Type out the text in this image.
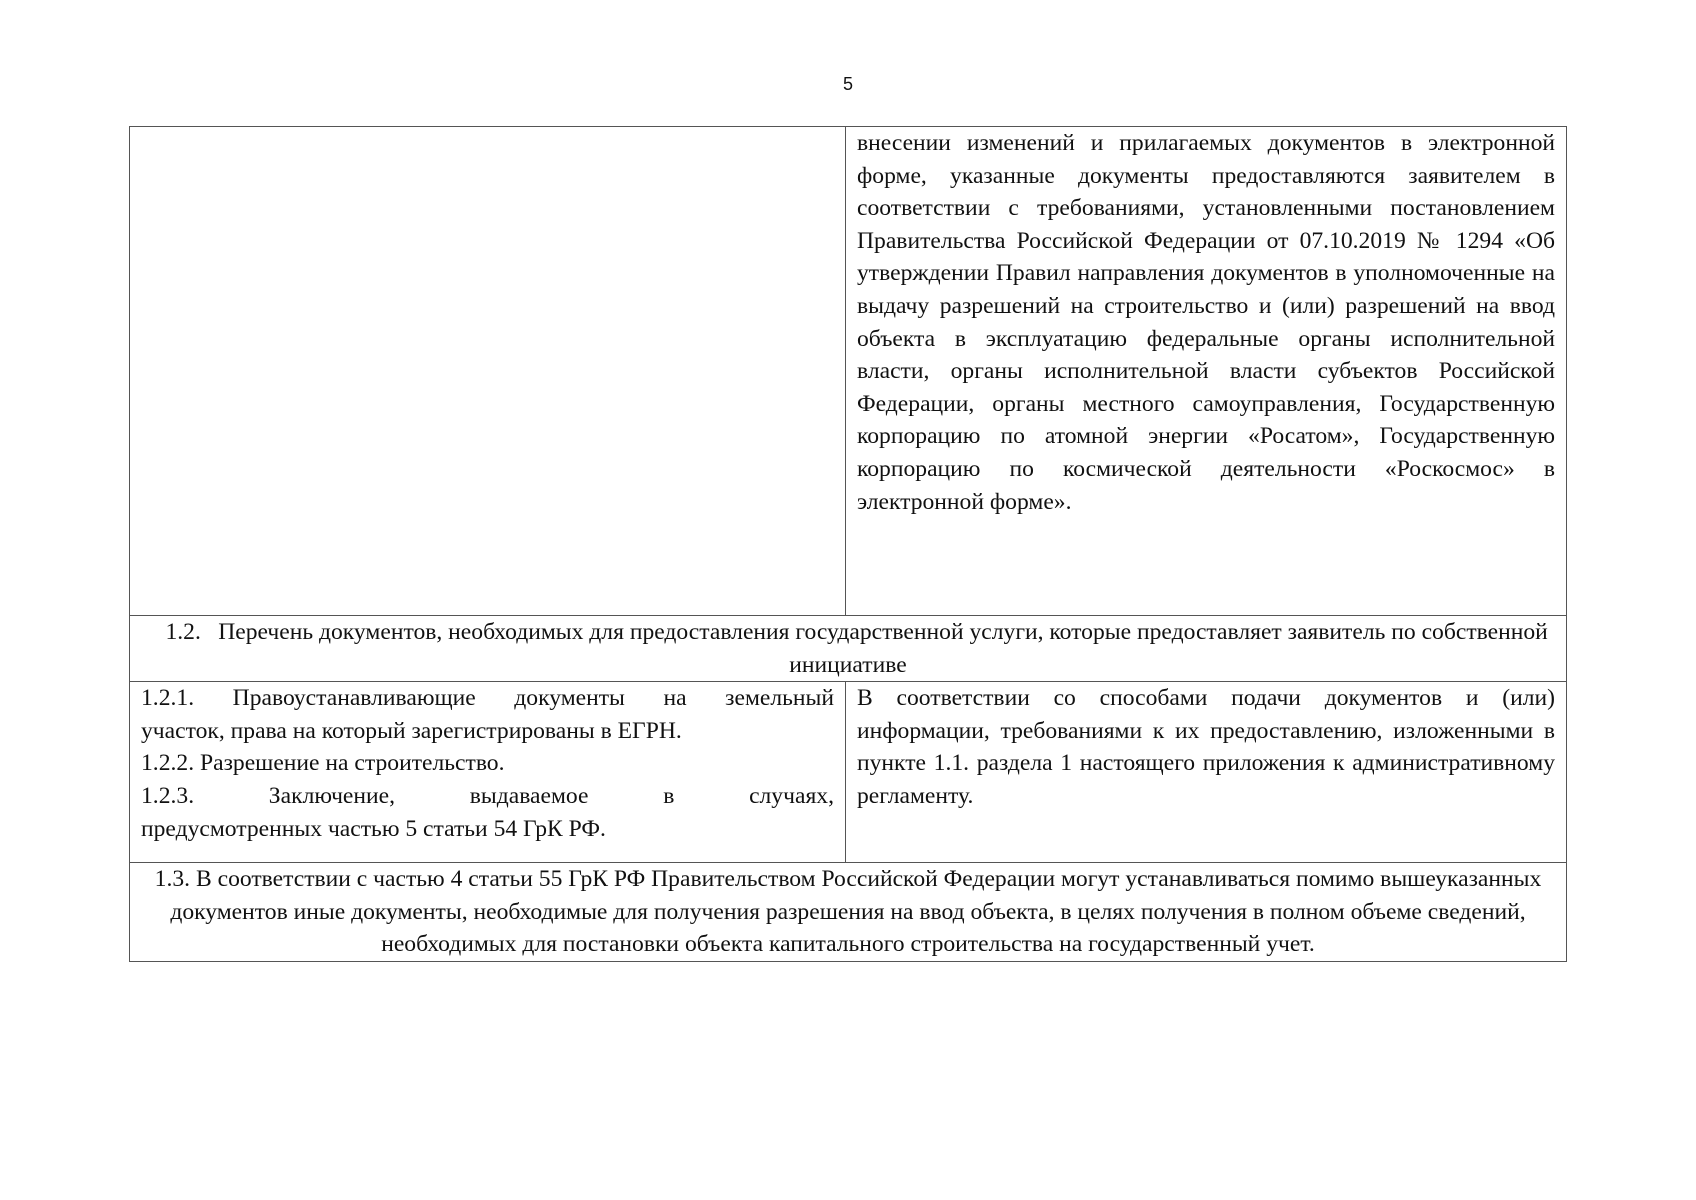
5
	внесении изменений и прилагаемых документов в электронной форме, указанные документы предоставляются заявителем в соответствии с требованиями, установленными постановлением Правительства Российской Федерации от 07.10.2019 № 1294 «Об утверждении Правил направления документов в уполномоченные на выдачу разрешений на строительство и (или) разрешений на ввод объекта в эксплуатацию федеральные органы исполнительной власти, органы исполнительной власти субъектов Российской Федерации, органы местного самоуправления, Государственную корпорацию по атомной энергии «Росатом», Государственную корпорацию по космической деятельности «Роскосмос» в электронной форме».
1.2. Перечень документов, необходимых для предоставления государственной услуги, которые предоставляет заявитель по собственной инициативе	

1.2.1. Правоустанавливающие документы на земельный
участок, права на который зарегистрированы в ЕГРН.
1.2.2. Разрешение на строительство.
1.2.3. Заключение, выдаваемое в случаях,
предусмотренных частью 5 статьи 54 ГрК РФ.	В соответствии со способами подачи документов и (или) информации, требованиями к их предоставлению, изложенными в пункте 1.1. раздела 1 настоящего приложения к административному регламенту.
1.3. В соответствии с частью 4 статьи 55 ГрК РФ Правительством Российской Федерации могут устанавливаться помимо вышеуказанных документов иные документы, необходимые для получения разрешения на ввод объекта, в целях получения в полном объеме сведений, необходимых для постановки объекта капитального строительства на государственный учет.	
